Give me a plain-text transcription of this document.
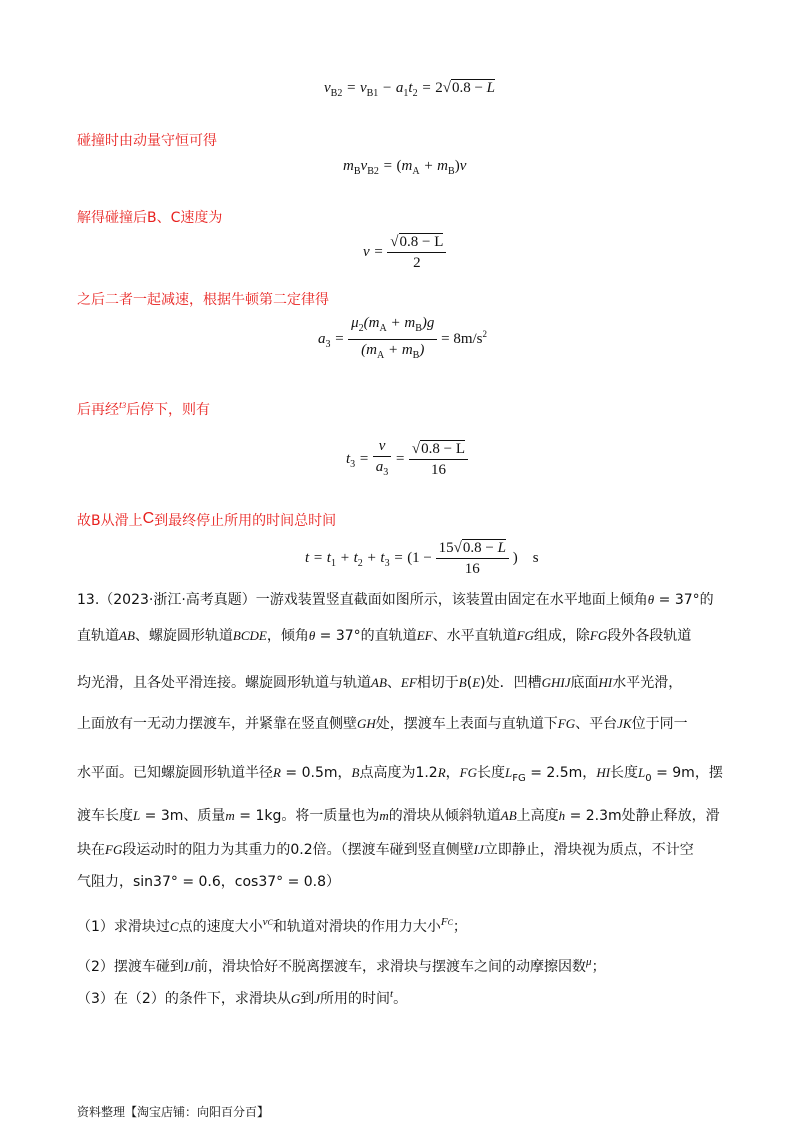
$v_{B2} = v_{B1} - a_1t_2 = 2√0.8 - L$
碰撞时由动量守恒可得
$m_Bv_{B2} = (m_A + m_B)v$
解得碰撞后B、C速度为
$v = \frac{√0.8 - L}{2}$
之后二者一起减速，根据牛顿第二定律得
$a_3 = \frac{\mu_2(m_A + m_B)g}{(m_A + m_B)} = 8m/s^2$
后再经$^{t3}$后停下，则有
$t_3 = \frac{v}{a_3} = \frac{√0.8 - L}{16}$
故B从滑上C到最终停止所用的时间总时间
$t = t_1 + t_2 + t_3 = (1 - \frac{15√0.8 - L}{16}$ )　s
13.（2023·浙江·高考真题）一游戏装置竖直截面如图所示，该装置由固定在水平地面上倾角θ = 37°的
直轨道AB、螺旋圆形轨道BCDE，倾角θ = 37°的直轨道EF、水平直轨道FG组成，除FG段外各段轨道
均光滑，且各处平滑连接。螺旋圆形轨道与轨道AB、EF相切于B(E)处．凹槽GHIJ底面HI水平光滑，
上面放有一无动力摆渡车，并紧靠在竖直侧壁GH处，摆渡车上表面与直轨道下FG、平台JK位于同一
水平面。已知螺旋圆形轨道半径R = 0.5m，B点高度为1.2R，FG长度$L_{FG} = 2.5m$，HI长度$L_0 = 9m$，摆
渡车长度L = 3m、质量m = 1kg。将一质量也为m的滑块从倾斜轨道AB上高度h = 2.3m处静止释放，滑
块在FG段运动时的阻力为其重力的0.2倍。（摆渡车碰到竖直侧壁IJ立即静止，滑块视为质点，不计空
气阻力，sin37° = 0.6，cos37° = 0.8）
（1）求滑块过C点的速度大小$^{vC}$和轨道对滑块的作用力大小$^{FC}$；
（2）摆渡车碰到IJ前，滑块恰好不脱离摆渡车，求滑块与摆渡车之间的动摩擦因数$^\mu$；
（3）在（2）的条件下，求滑块从G到J所用的时间$^t$。
资料整理【淘宝店铺：向阳百分百】
